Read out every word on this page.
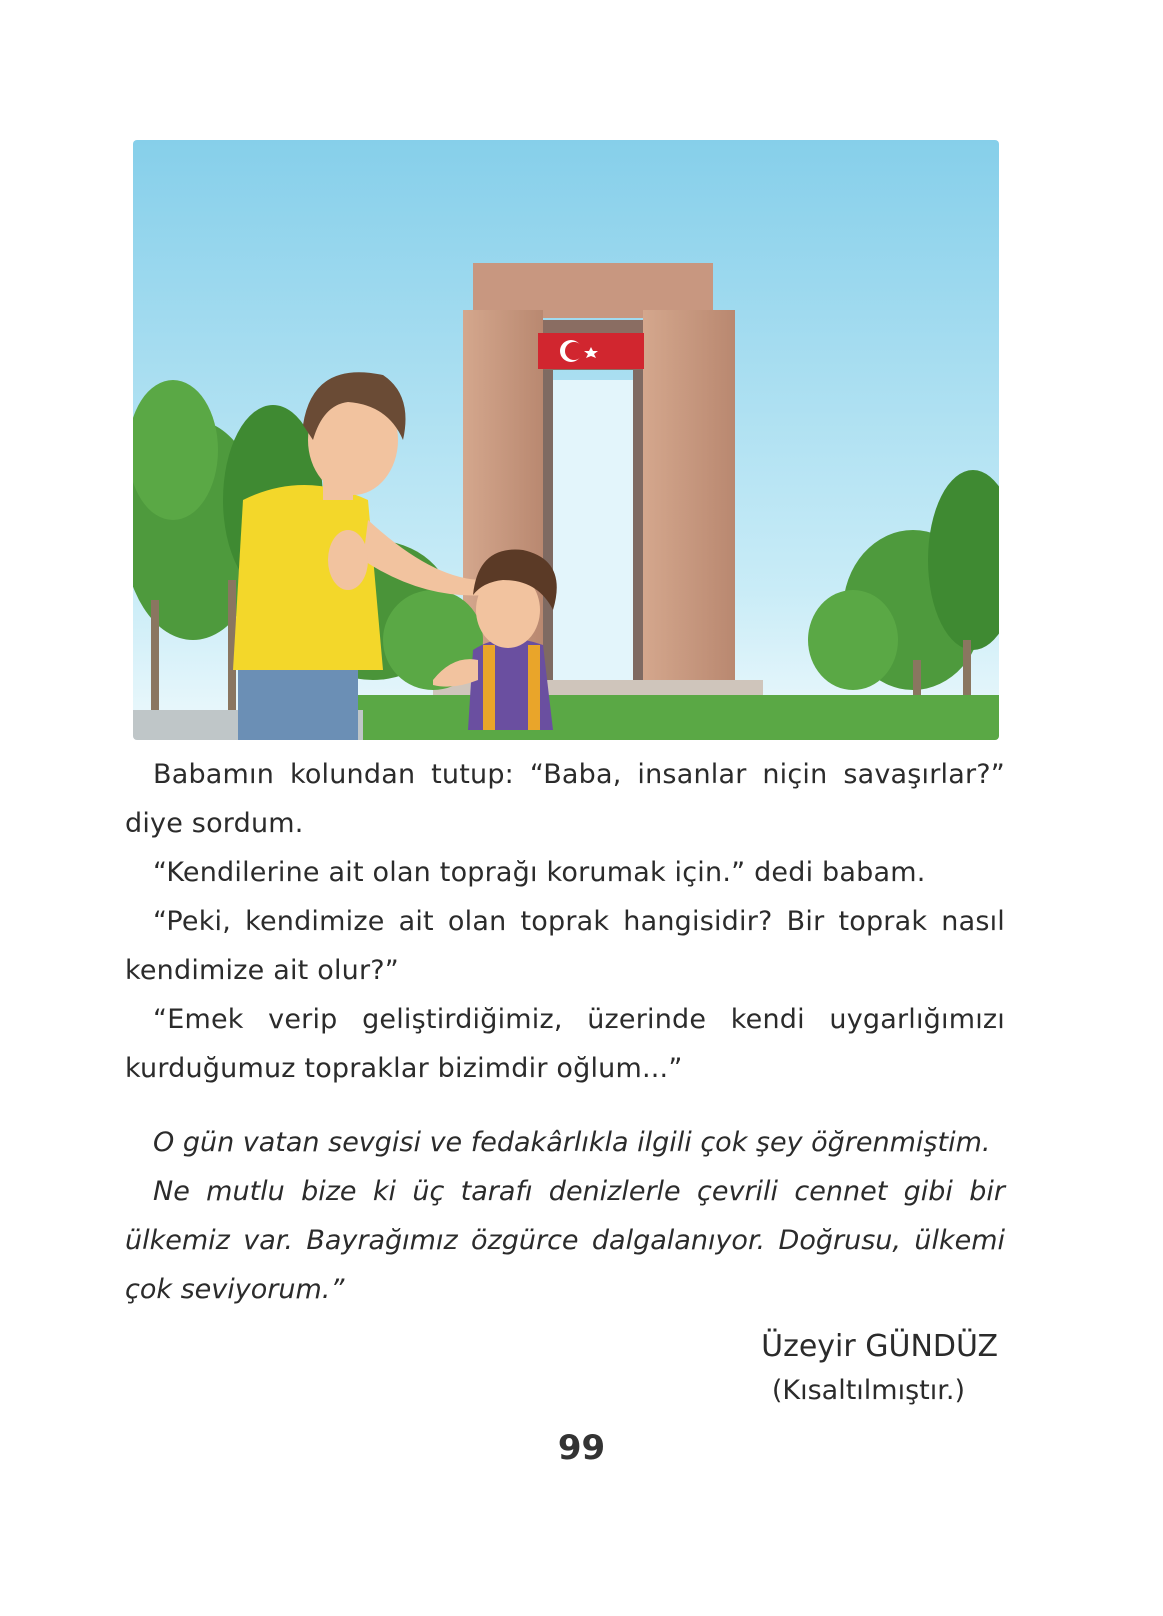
Babamın kolundan tutup: “Baba, insanlar niçin savaşırlar?” diye sordum.

“Kendilerine ait olan toprağı korumak için.” dedi babam.

“Peki, kendimize ait olan toprak hangisidir? Bir toprak nasıl kendimize ait olur?”

“Emek verip geliştirdiğimiz, üzerinde kendi uygarlığımızı kurduğumuz topraklar bizimdir oğlum...”

O gün vatan sevgisi ve fedakârlıkla ilgili çok şey öğrenmiştim.

Ne mutlu bize ki üç tarafı denizlerle çevrili cennet gibi bir ülkemiz var. Bayrağımız özgürce dalgalanıyor. Doğrusu, ülkemi çok seviyorum.”

Üzeyir GÜNDÜZ
(Kısaltılmıştır.)
99
